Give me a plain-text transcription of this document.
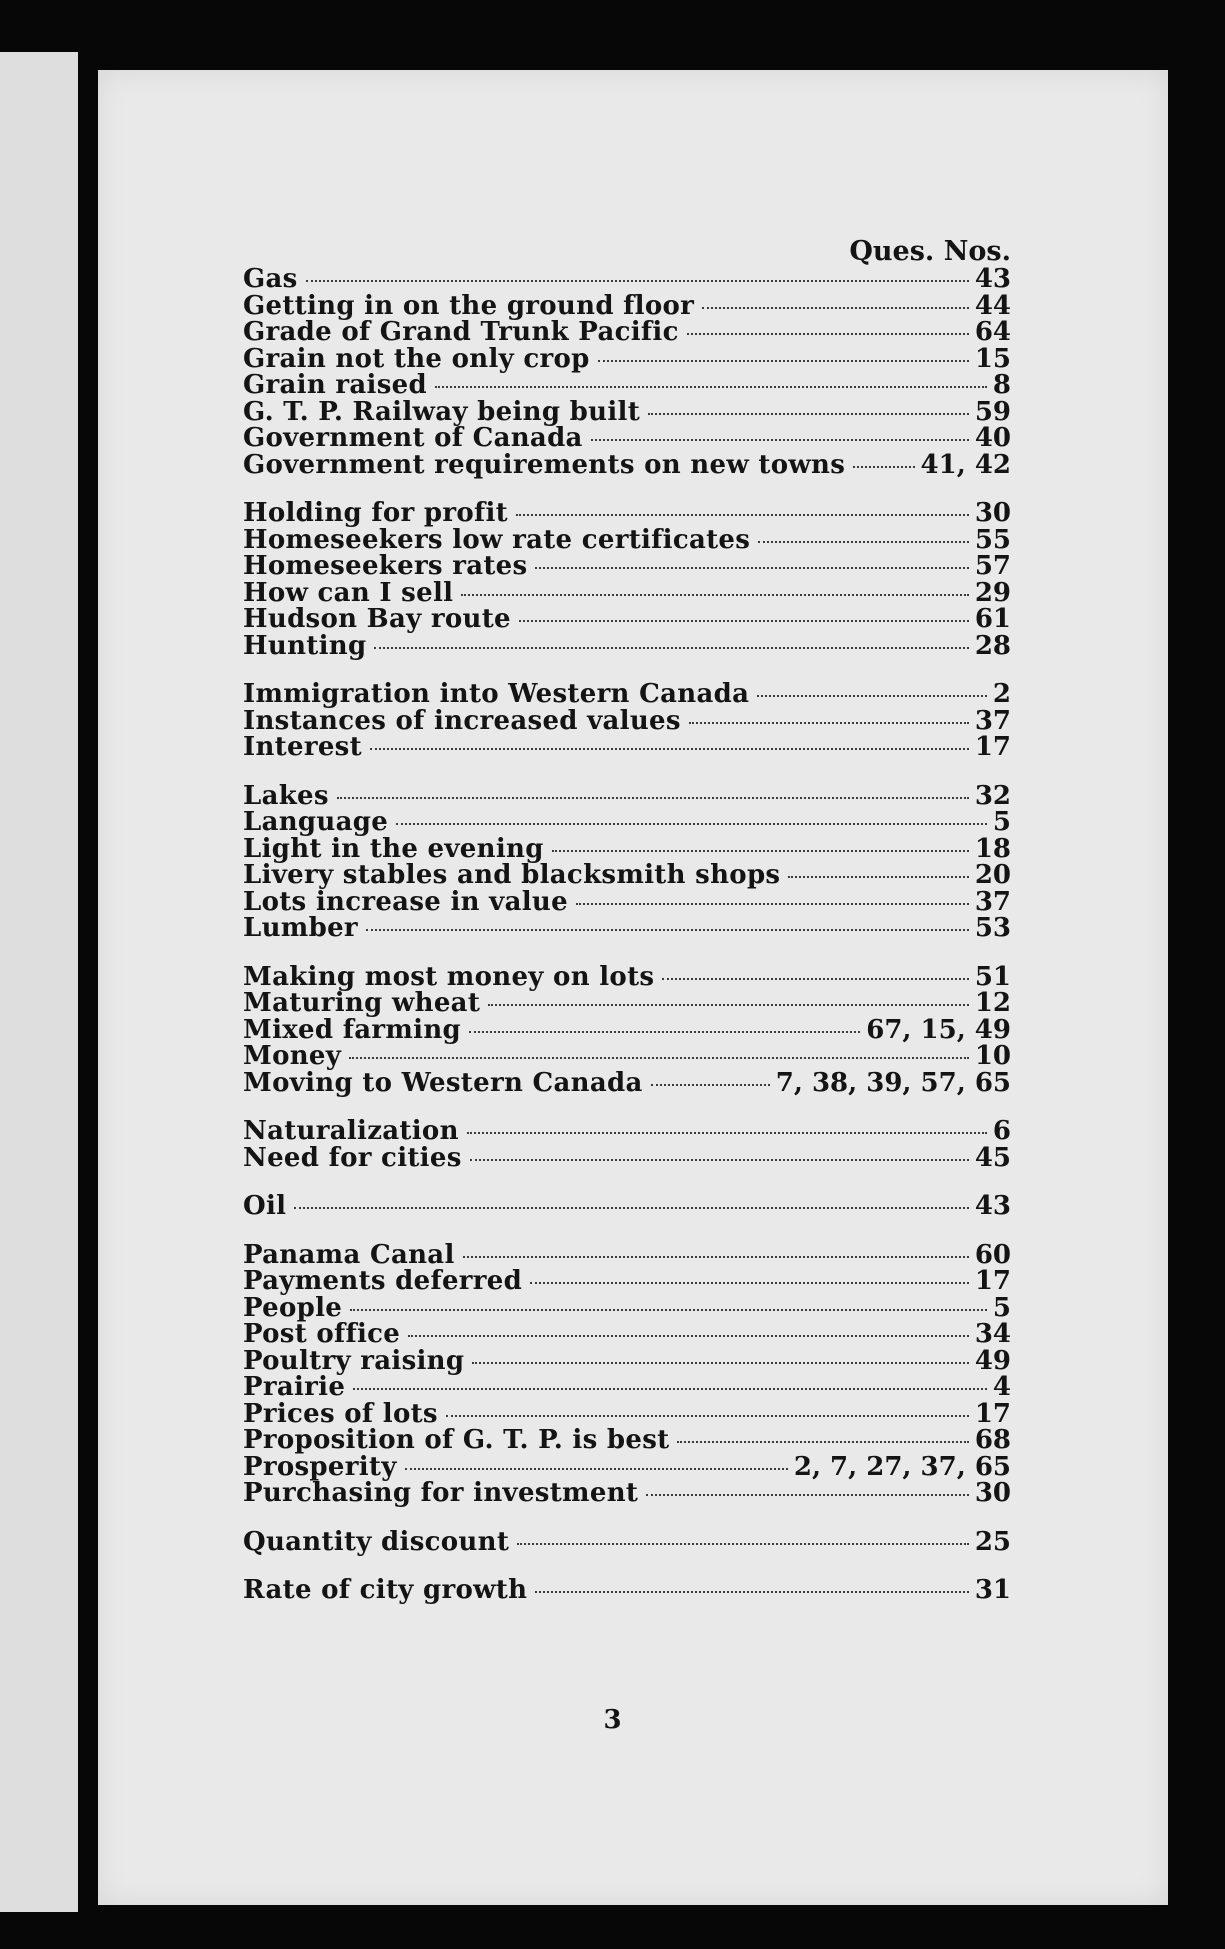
Ques. Nos.
Gas	43
Getting in on the ground floor	44
Grade of Grand Trunk Pacific	64
Grain not the only crop	15
Grain raised	8
G. T. P. Railway being built	59
Government of Canada	40
Government requirements on new towns	41, 42
Holding for profit	30
Homeseekers low rate certificates	55
Homeseekers rates	57
How can I sell	29
Hudson Bay route	61
Hunting	28
Immigration into Western Canada	2
Instances of increased values	37
Interest	17
Lakes	32
Language	5
Light in the evening	18
Livery stables and blacksmith shops	20
Lots increase in value	37
Lumber	53
Making most money on lots	51
Maturing wheat	12
Mixed farming	67, 15, 49
Money	10
Moving to Western Canada	7, 38, 39, 57, 65
Naturalization	6
Need for cities	45
Oil	43
Panama Canal	60
Payments deferred	17
People	5
Post office	34
Poultry raising	49
Prairie	4
Prices of lots	17
Proposition of G. T. P. is best	68
Prosperity	2, 7, 27, 37, 65
Purchasing for investment	30
Quantity discount	25
Rate of city growth	31
3
